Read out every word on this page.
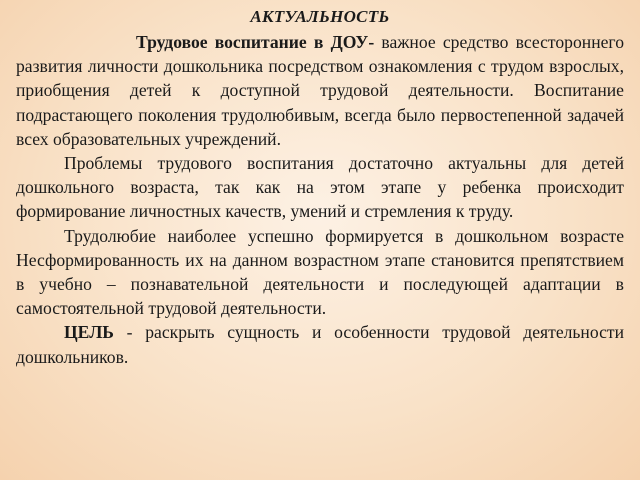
АКТУАЛЬНОСТЬ

Трудовое воспитание в ДОУ- важное средство всестороннего развития личности дошкольника посредством ознакомления с трудом взрослых, приобщения детей к доступной трудовой деятельности. Воспитание подрастающего поколения трудолюбивым, всегда было первостепенной задачей всех образовательных учреждений.

Проблемы трудового воспитания достаточно актуальны для детей дошкольного возраста, так как на этом этапе у ребенка происходит формирование личностных качеств, умений и стремления к труду.

Трудолюбие наиболее успешно формируется в дошкольном возрасте Несформированность их на данном возрастном этапе становится препятствием в учебно – познавательной деятельности и последующей адаптации в самостоятельной трудовой деятельности.

ЦЕЛЬ - раскрыть сущность и особенности трудовой деятельности дошкольников.
